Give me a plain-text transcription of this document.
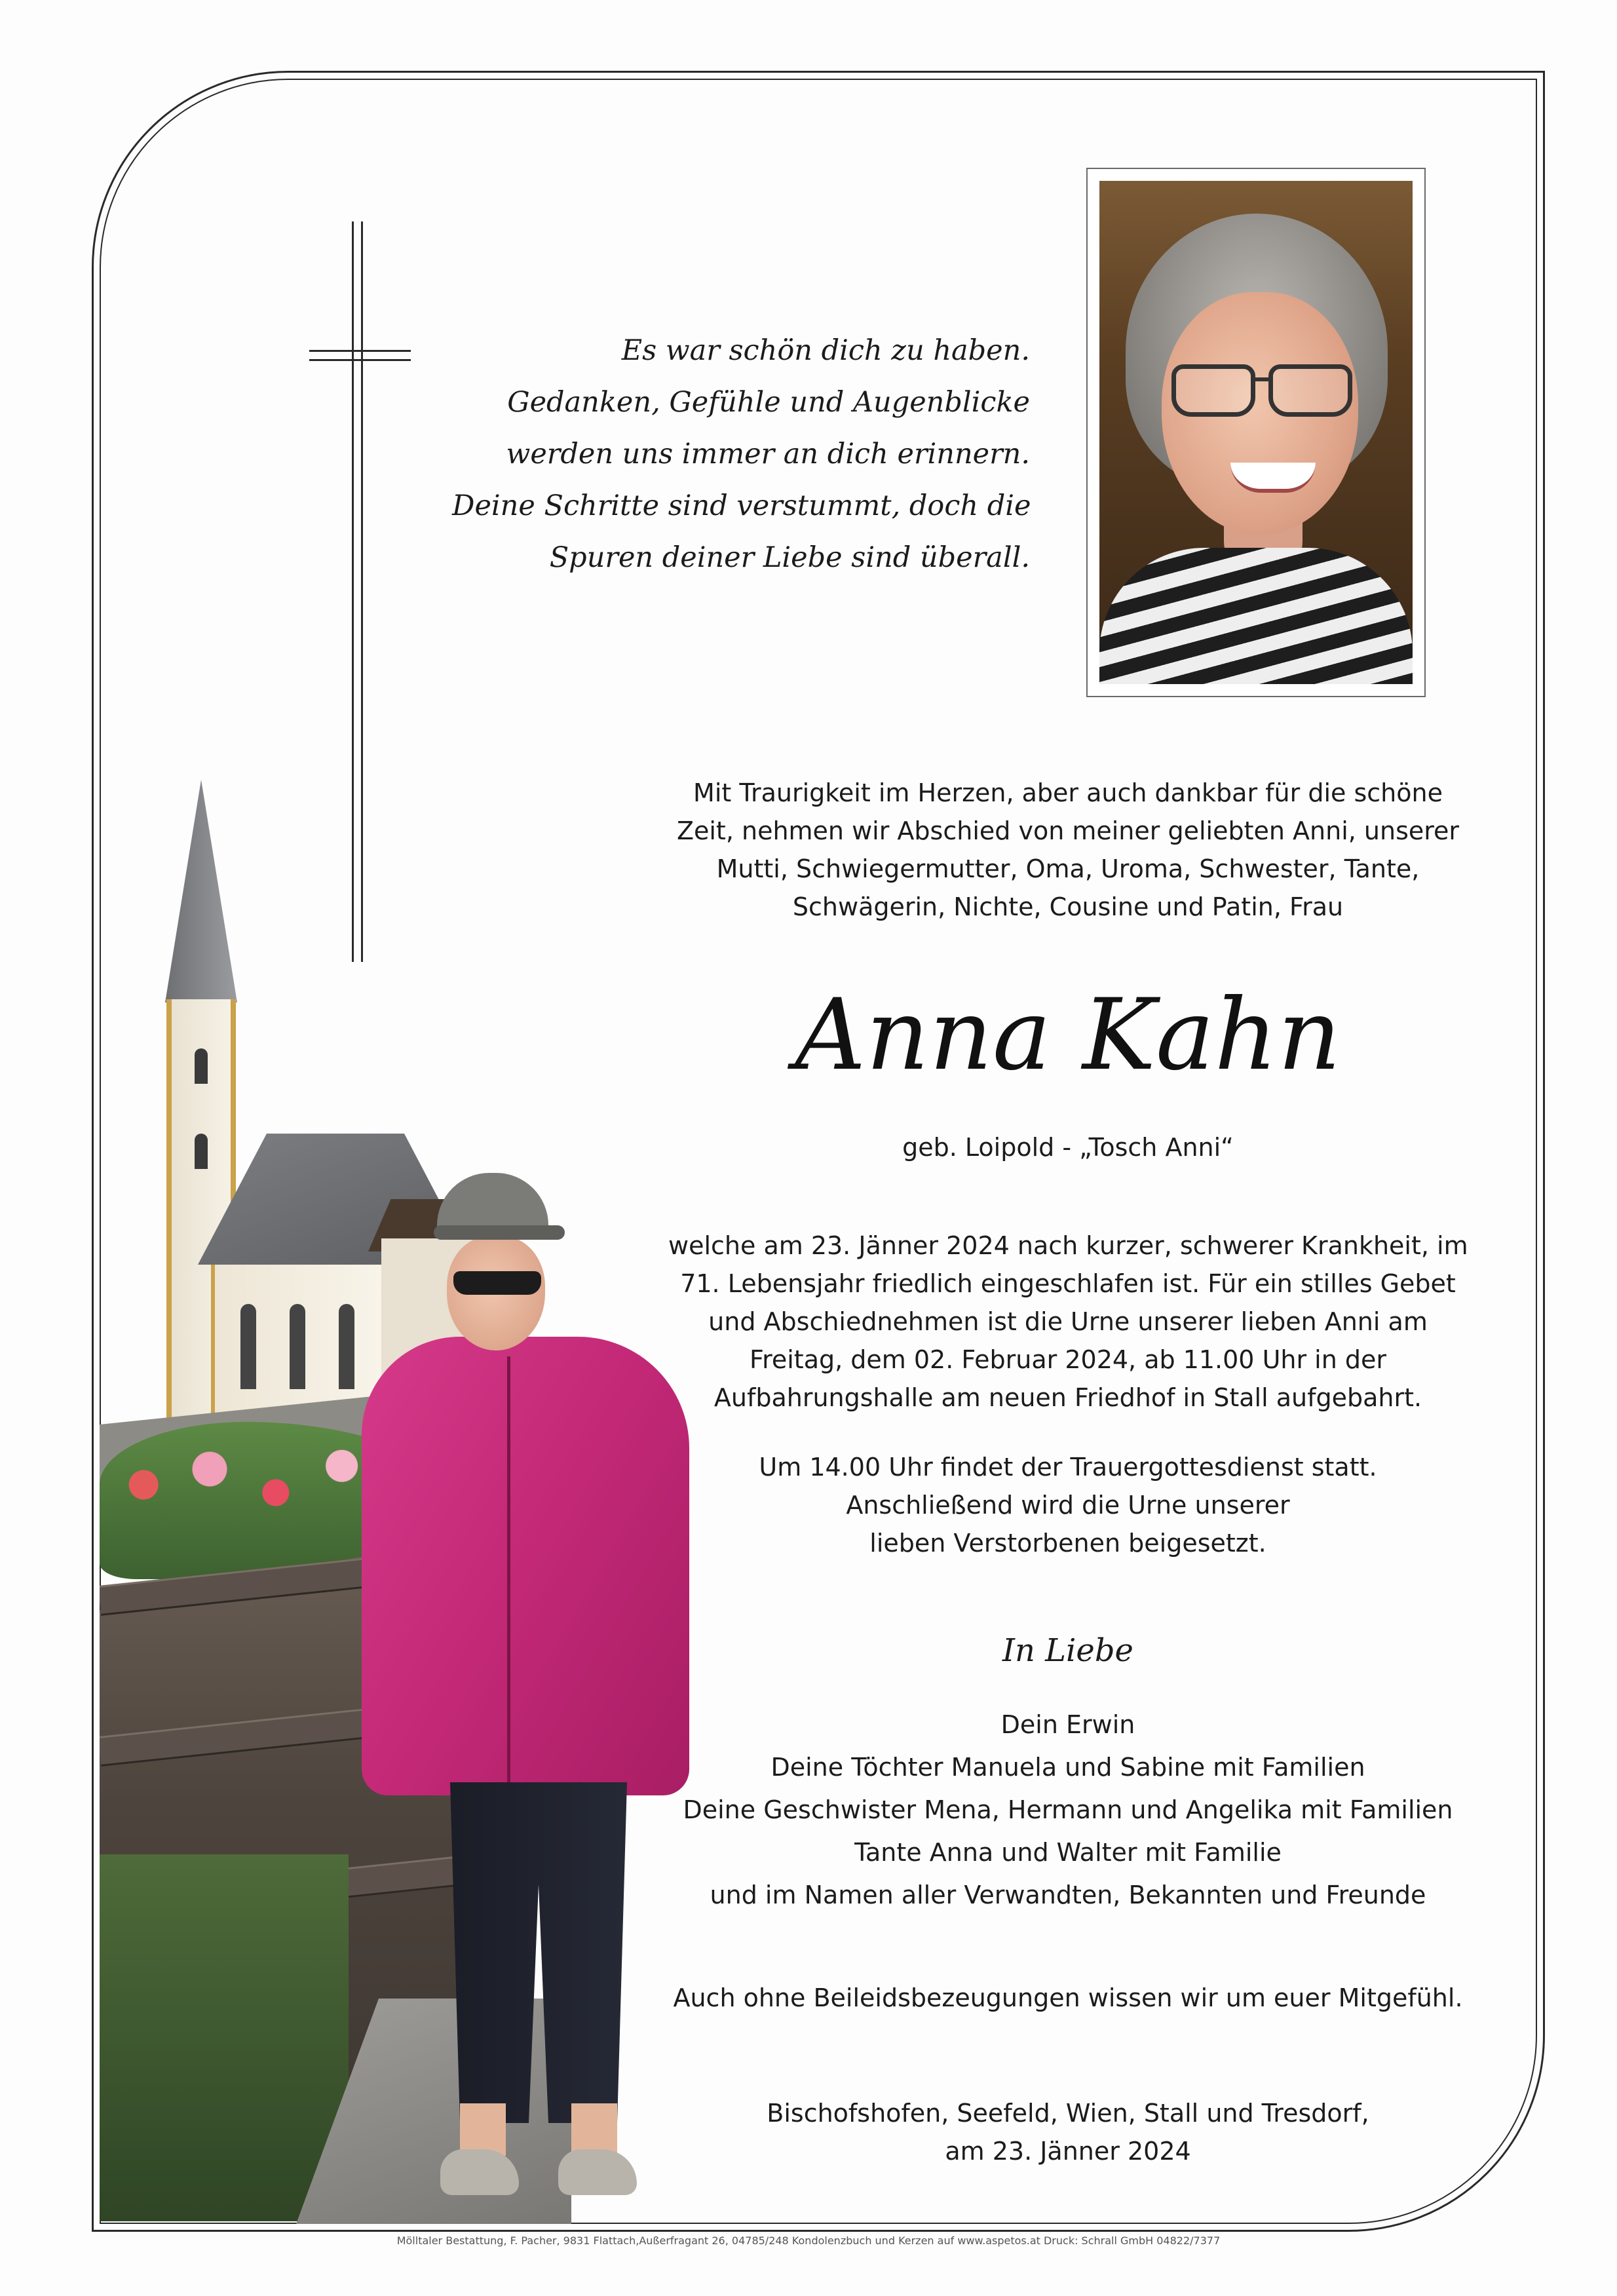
Es war schön dich zu haben.
Gedanken, Gefühle und Augenblicke
werden uns immer an dich erinnern.
Deine Schritte sind verstummt, doch die
Spuren deiner Liebe sind überall.
Mit Traurigkeit im Herzen, aber auch dankbar für die schöne
Zeit, nehmen wir Abschied von meiner geliebten Anni, unserer
Mutti, Schwiegermutter, Oma, Uroma, Schwester, Tante,
Schwägerin, Nichte, Cousine und Patin, Frau
Anna Kahn
geb. Loipold - „Tosch Anni“
welche am 23. Jänner 2024 nach kurzer, schwerer Krankheit, im
71. Lebensjahr friedlich eingeschlafen ist. Für ein stilles Gebet
und Abschiednehmen ist die Urne unserer lieben Anni am
Freitag, dem 02. Februar 2024, ab 11.00 Uhr in der
Aufbahrungshalle am neuen Friedhof in Stall aufgebahrt.
Um 14.00 Uhr findet der Trauergottesdienst statt.
Anschließend wird die Urne unserer
lieben Verstorbenen beigesetzt.
In Liebe
Dein Erwin
Deine Töchter Manuela und Sabine mit Familien
Deine Geschwister Mena, Hermann und Angelika mit Familien
Tante Anna und Walter mit Familie
und im Namen aller Verwandten, Bekannten und Freunde
Auch ohne Beileidsbezeugungen wissen wir um euer Mitgefühl.
Bischofshofen, Seefeld, Wien, Stall und Tresdorf,
am 23. Jänner 2024
Mölltaler Bestattung, F. Pacher, 9831 Flattach,Außerfragant 26, 04785/248 Kondolenzbuch und Kerzen auf www.aspetos.at Druck: Schrall GmbH 04822/7377
